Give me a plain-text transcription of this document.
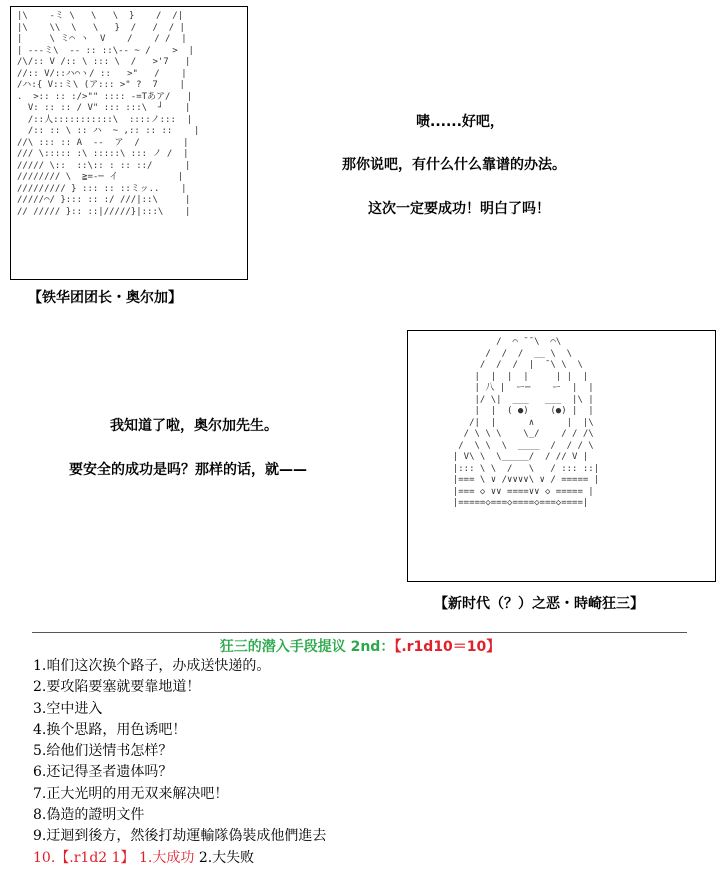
|\    -ミ \   \   \  }    /  /|
|\    \\  \   \   }  /   /  / |
|     \ ミ⌒ ヽ  V    /    / /  |
| ---ミ\  -- :: ::\-- ~ /    >  |
/\/:: V /:: \ ::: \  /   >'7   |
//:: V/::ハ⌒ヽ/ ::   >"   /    |
/ハ:{ V::ミ\ (ア::: >" ?  7    |
.  >:: :: :/>"" :::: -=Tあア/   |
V: :: :: / V" ::: :::\  ┘    |
/::人:::::::::::\  ::::ノ:::  |
/:: :: \ :: ハ  ~ ,:: :: ::    |
//\ ::: :: A  --  ア  /        |
/// \::::: :\ :::::\ ::: ノ /  |
///// \::  ::\:: : :: ::/      |
//////// \  ≧=-─ イ           |
///////// } ::: :: ::ミッ..    |
/////⌒/ }::: :: :/ ///|::\     |
// ///// }:: ::|/////}|:::\    |
【铁华团团长・奥尔加】
啧......好吧，
那你说吧，有什么什么靠谱的办法。
这次一定要成功！明白了吗！
/  ⌒ ̄ ̄ \  ⌒\
/  /  /  __ \  \
/  /  /  |  ̄ \ \  \
|  |  |  |     | |  |
| 八 |  ー─    ー  |  |
|/ \|  ___   ___  |\ |
|  |  ( ●)    (●) |  |
/|  |      ∧      |  |\
/ \ \ \    \_/    / / /\
/  \ \  \  ____  /  / / \
| V\ \  \_____/  / // V |
|::: \ \  /   \   / ::: ::|
|=== \ ∨ /∨∨∨∨\ ∨ / ===== |
|=== ◇ ∨∨ ====∨∨ ◇ ===== |
|=====◇===◇====◇===◇====|
【新时代（？）之恶・時崎狂三】
我知道了啦，奥尔加先生。
要安全的成功是吗？那样的话，就——
狂三的潜入手段提议 2nd：【.r1d10＝10】
1.咱们这次换个路子，办成送快递的。
2.要攻陷要塞就要靠地道！
3.空中进入
4.换个思路，用色诱吧！
5.给他们送情书怎样？
6.还记得圣者遗体吗？
7.正大光明的用无双来解决吧！
8.偽造的證明文件
9.迂迴到後方，然後打劫運輸隊偽裝成他們進去
10.【.r1d2 1】 1.大成功 2.大失败
